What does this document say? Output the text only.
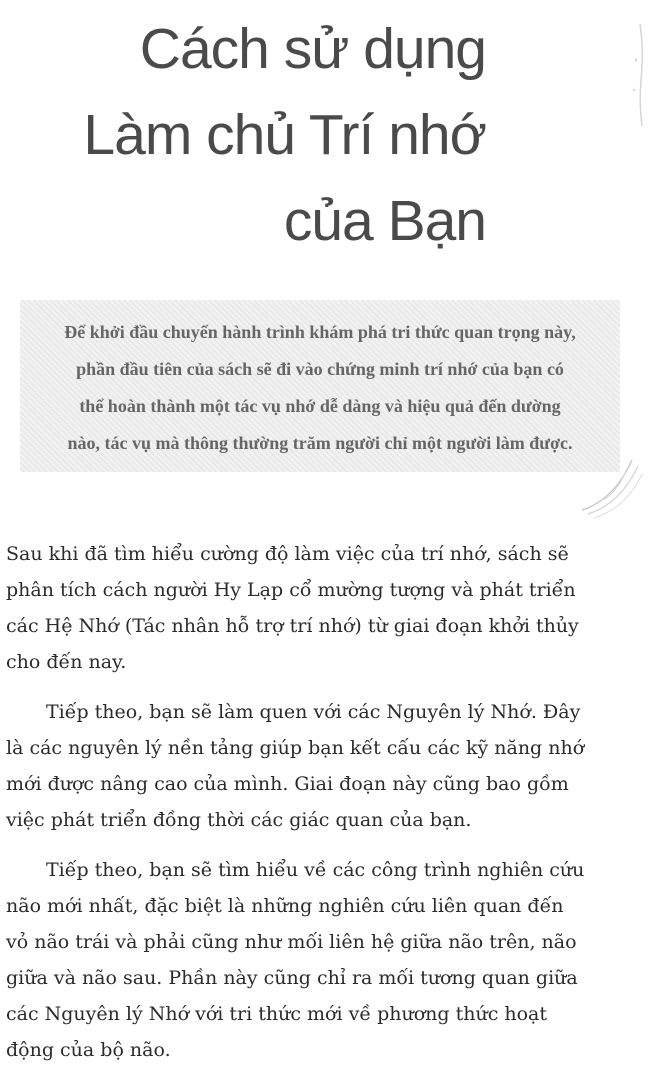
Cách sử dụng
Làm chủ Trí nhớ
của Bạn
Để khởi đầu chuyến hành trình khám phá tri thức quan trọng này,
phần đầu tiên của sách sẽ đi vào chứng minh trí nhớ của bạn có
thể hoàn thành một tác vụ nhớ dễ dàng và hiệu quả đến dường
nào, tác vụ mà thông thường trăm người chỉ một người làm được.

Sau khi đã tìm hiểu cường độ làm việc của trí nhớ, sách sẽ
phân tích cách người Hy Lạp cổ mường tượng và phát triển
các Hệ Nhớ (Tác nhân hỗ trợ trí nhớ) từ giai đoạn khởi thủy
cho đến nay.

Tiếp theo, bạn sẽ làm quen với các Nguyên lý Nhớ. Đây
là các nguyên lý nền tảng giúp bạn kết cấu các kỹ năng nhớ
mới được nâng cao của mình. Giai đoạn này cũng bao gồm
việc phát triển đồng thời các giác quan của bạn.

Tiếp theo, bạn sẽ tìm hiểu về các công trình nghiên cứu
não mới nhất, đặc biệt là những nghiên cứu liên quan đến
vỏ não trái và phải cũng như mối liên hệ giữa não trên, não
giữa và não sau. Phần này cũng chỉ ra mối tương quan giữa
các Nguyên lý Nhớ với tri thức mới về phương thức hoạt
động của bộ não.
